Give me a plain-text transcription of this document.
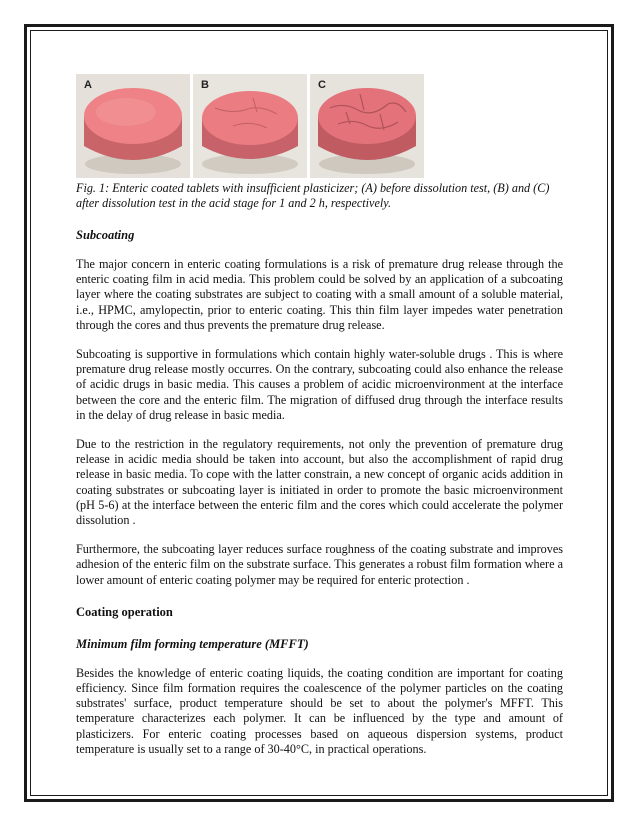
A	B	C
Fig. 1: Enteric coated tablets with insufficient plasticizer; (A) before dissolution test, (B) and (C) after dissolution test in the acid stage for 1 and 2 h, respectively.
Subcoating

The major concern in enteric coating formulations is a risk of premature drug release through the enteric coating film in acid media. This problem could be solved by an application of a subcoating layer where the coating substrates are subject to coating with a small amount of a soluble material, i.e., HPMC, amylopectin, prior to enteric coating. This thin film layer impedes water penetration through the cores and thus prevents the premature drug release.

Subcoating is supportive in formulations which contain highly water-soluble drugs . This is where premature drug release mostly occurres. On the contrary, subcoating could also enhance the release of acidic drugs in basic media. This causes a problem of acidic microenvironment at the interface between the core and the enteric film. The migration of diffused drug through the interface results in the delay of drug release in basic media.

Due to the restriction in the regulatory requirements, not only the prevention of premature drug release in acidic media should be taken into account, but also the accomplishment of rapid drug release in basic media. To cope with the latter constrain, a new concept of organic acids addition in coating substrates or subcoating layer is initiated in order to promote the basic microenvironment (pH 5-6) at the interface between the enteric film and the cores which could accelerate the polymer dissolution .

Furthermore, the subcoating layer reduces surface roughness of the coating substrate and improves adhesion of the enteric film on the substrate surface. This generates a robust film formation where a lower amount of enteric coating polymer may be required for enteric protection .

Coating operation
Minimum film forming temperature (MFFT)

Besides the knowledge of enteric coating liquids, the coating condition are important for coating efficiency. Since film formation requires the coalescence of the polymer particles on the coating substrates' surface, product temperature should be set to about the polymer's MFFT. This temperature characterizes each polymer. It can be influenced by the type and amount of plasticizers. For enteric coating processes based on aqueous dispersion systems, product temperature is usually set to a range of 30-40°C, in practical operations.
